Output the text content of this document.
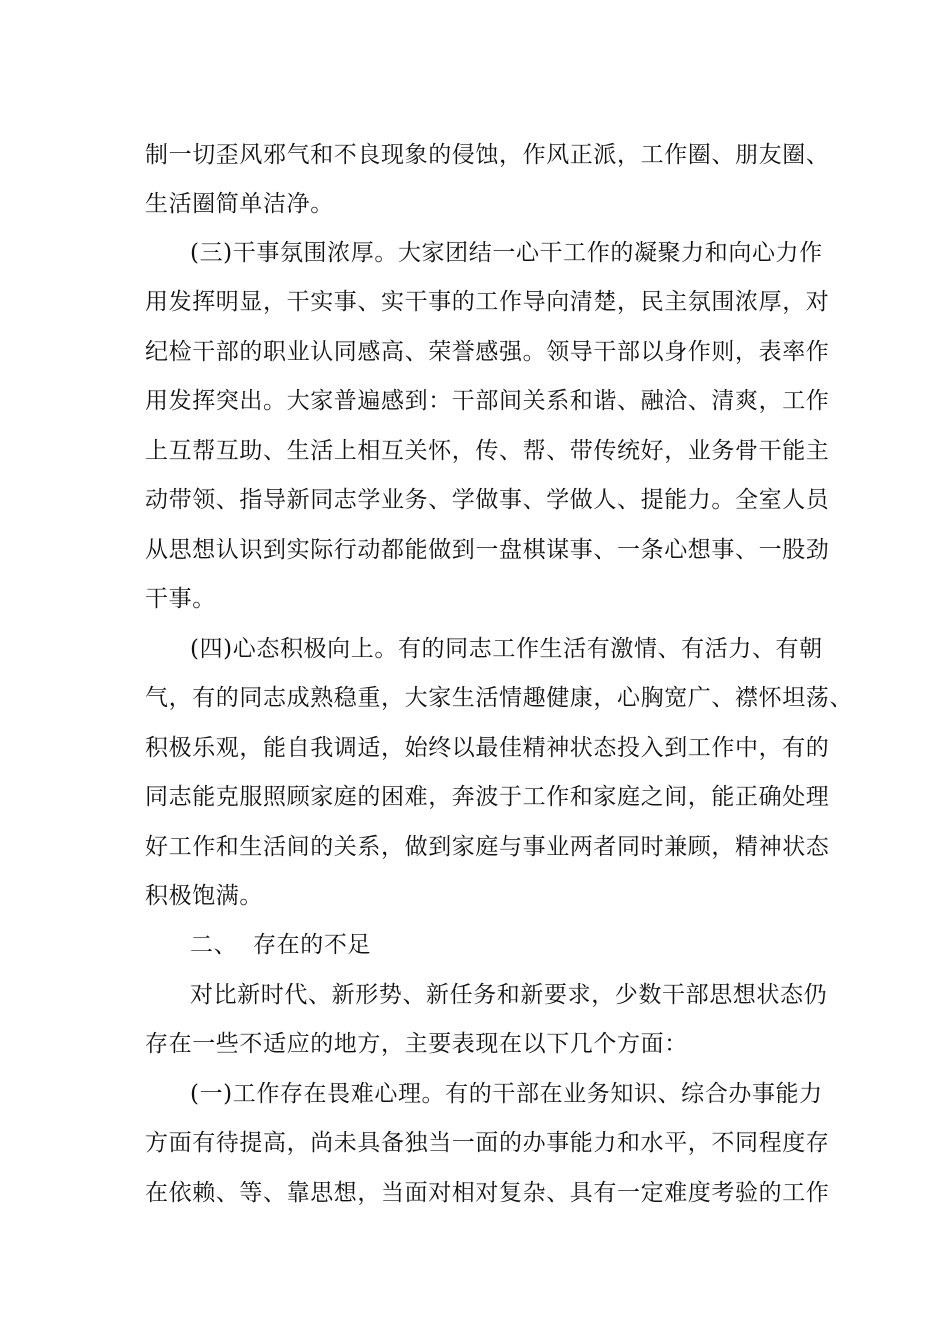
制一切歪风邪气和不良现象的侵蚀，作风正派，工作圈、朋友圈、
生活圈简单洁净。
(三)干事氛围浓厚。大家团结一心干工作的凝聚力和向心力作
用发挥明显，干实事、实干事的工作导向清楚，民主氛围浓厚，对
纪检干部的职业认同感高、荣誉感强。领导干部以身作则，表率作
用发挥突出。大家普遍感到：干部间关系和谐、融洽、清爽，工作
上互帮互助、生活上相互关怀，传、帮、带传统好，业务骨干能主
动带领、指导新同志学业务、学做事、学做人、提能力。全室人员
从思想认识到实际行动都能做到一盘棋谋事、一条心想事、一股劲
干事。
(四)心态积极向上。有的同志工作生活有激情、有活力、有朝
气，有的同志成熟稳重，大家生活情趣健康，心胸宽广、襟怀坦荡、
积极乐观，能自我调适，始终以最佳精神状态投入到工作中，有的
同志能克服照顾家庭的困难，奔波于工作和家庭之间，能正确处理
好工作和生活间的关系，做到家庭与事业两者同时兼顾，精神状态
积极饱满。
二、  存在的不足
对比新时代、新形势、新任务和新要求，少数干部思想状态仍
存在一些不适应的地方，主要表现在以下几个方面：
(一)工作存在畏难心理。有的干部在业务知识、综合办事能力
方面有待提高，尚未具备独当一面的办事能力和水平，不同程度存
在依赖、等、靠思想，当面对相对复杂、具有一定难度考验的工作
